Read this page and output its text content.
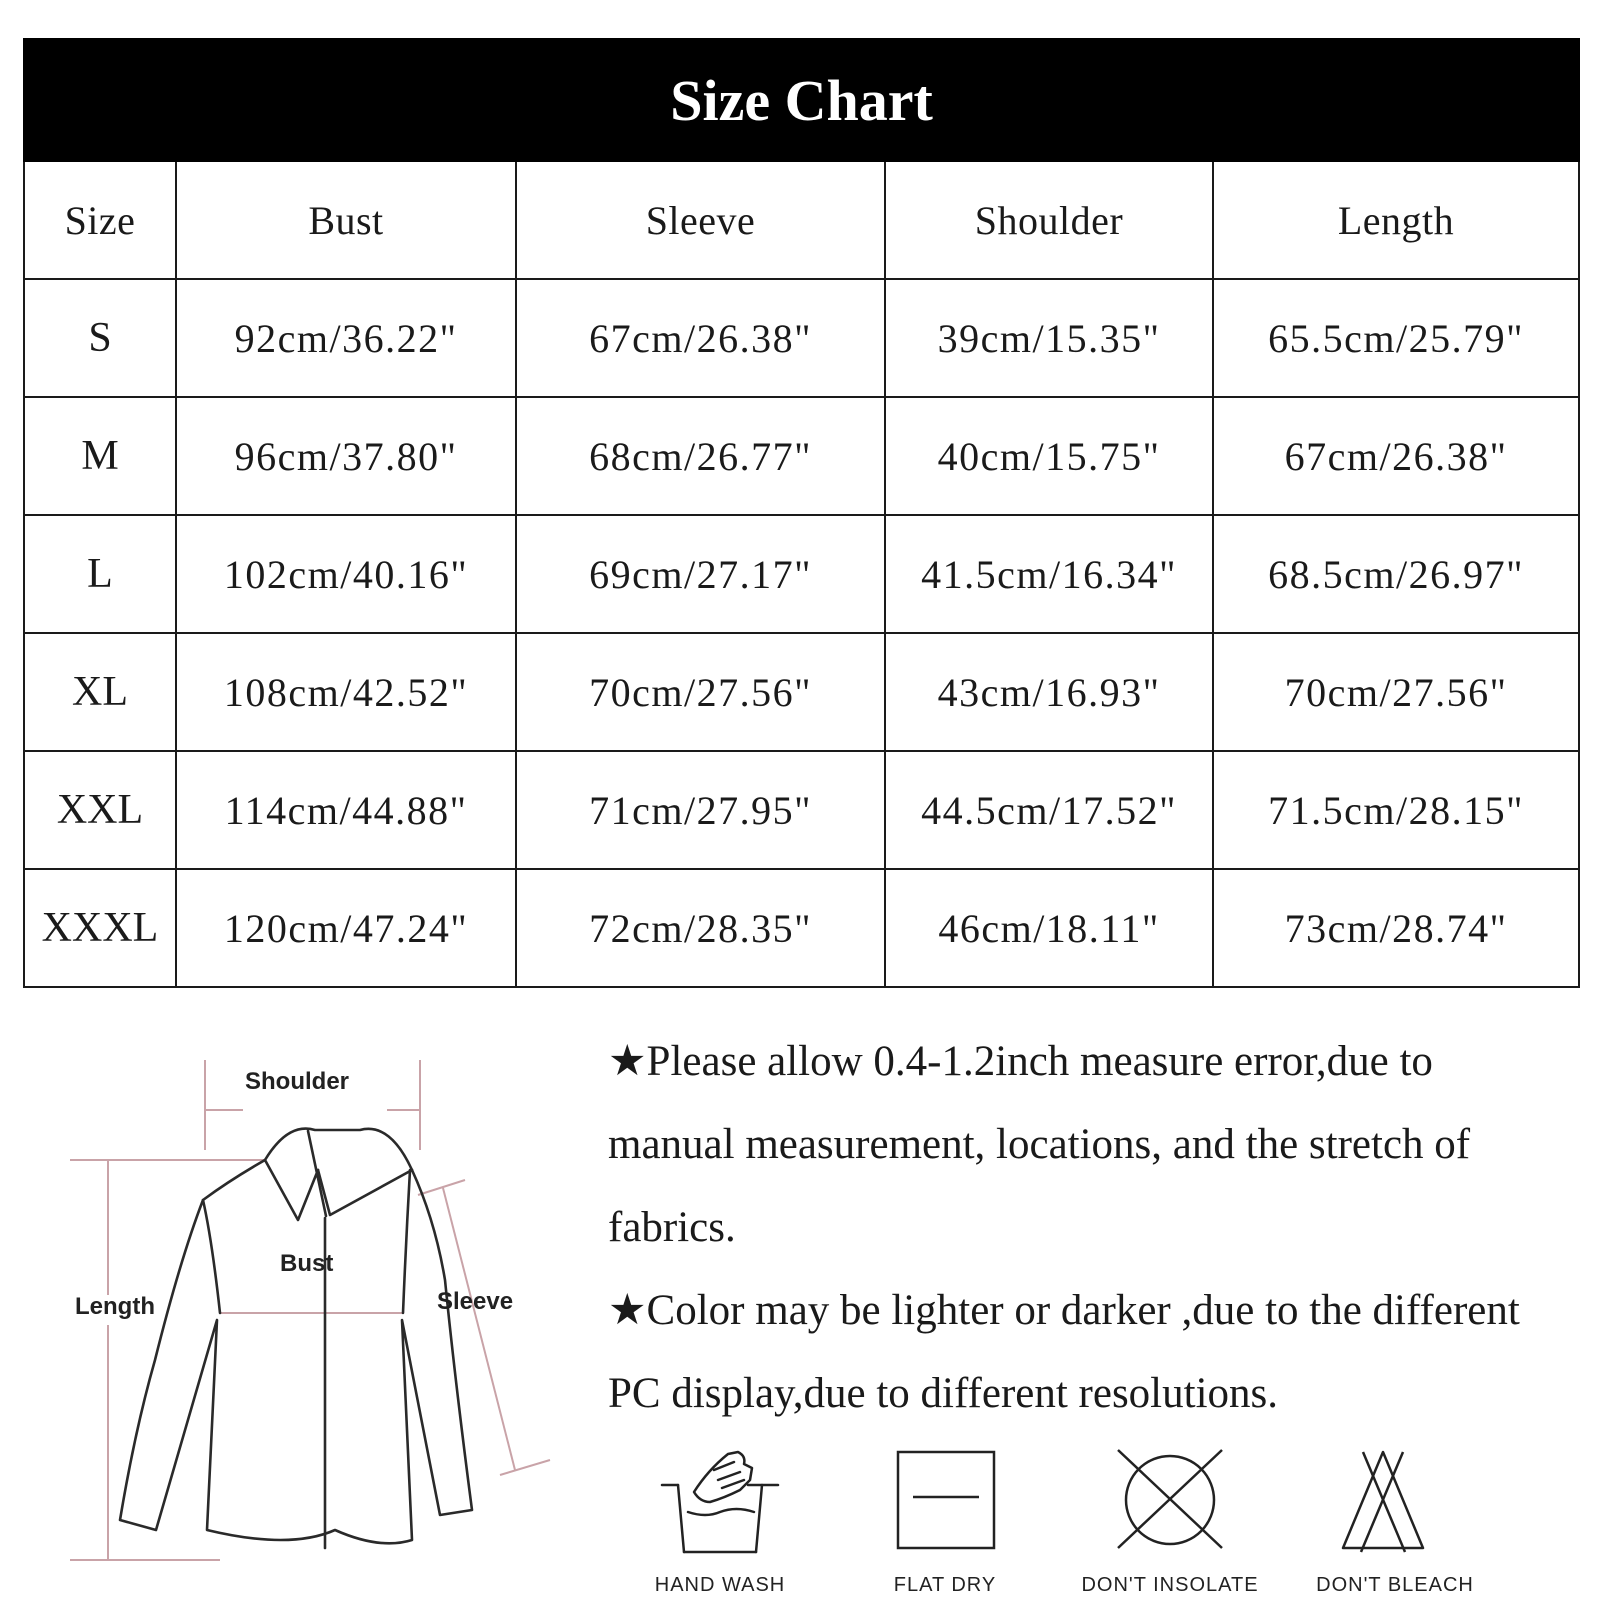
Size Chart				
Size	Bust	Sleeve	Shoulder	Length
S	92cm/36.22"	67cm/26.38"	39cm/15.35"	65.5cm/25.79"
M	96cm/37.80"	68cm/26.77"	40cm/15.75"	67cm/26.38"
L	102cm/40.16"	69cm/27.17"	41.5cm/16.34"	68.5cm/26.97"
XL	108cm/42.52"	70cm/27.56"	43cm/16.93"	70cm/27.56"
XXL	114cm/44.88"	71cm/27.95"	44.5cm/17.52"	71.5cm/28.15"
XXXL	120cm/47.24"	72cm/28.35"	46cm/18.11"	73cm/28.74"
Shoulder
Bust
Length	Sleeve

★Please allow 0.4-1.2inch measure error,due to manual measurement, locations, and the stretch of fabrics.

★Color may be lighter or darker ,due to the different PC display,due to different resolutions.

HAND WASH	FLAT DRY	DON'T INSOLATE	DON'T BLEACH
